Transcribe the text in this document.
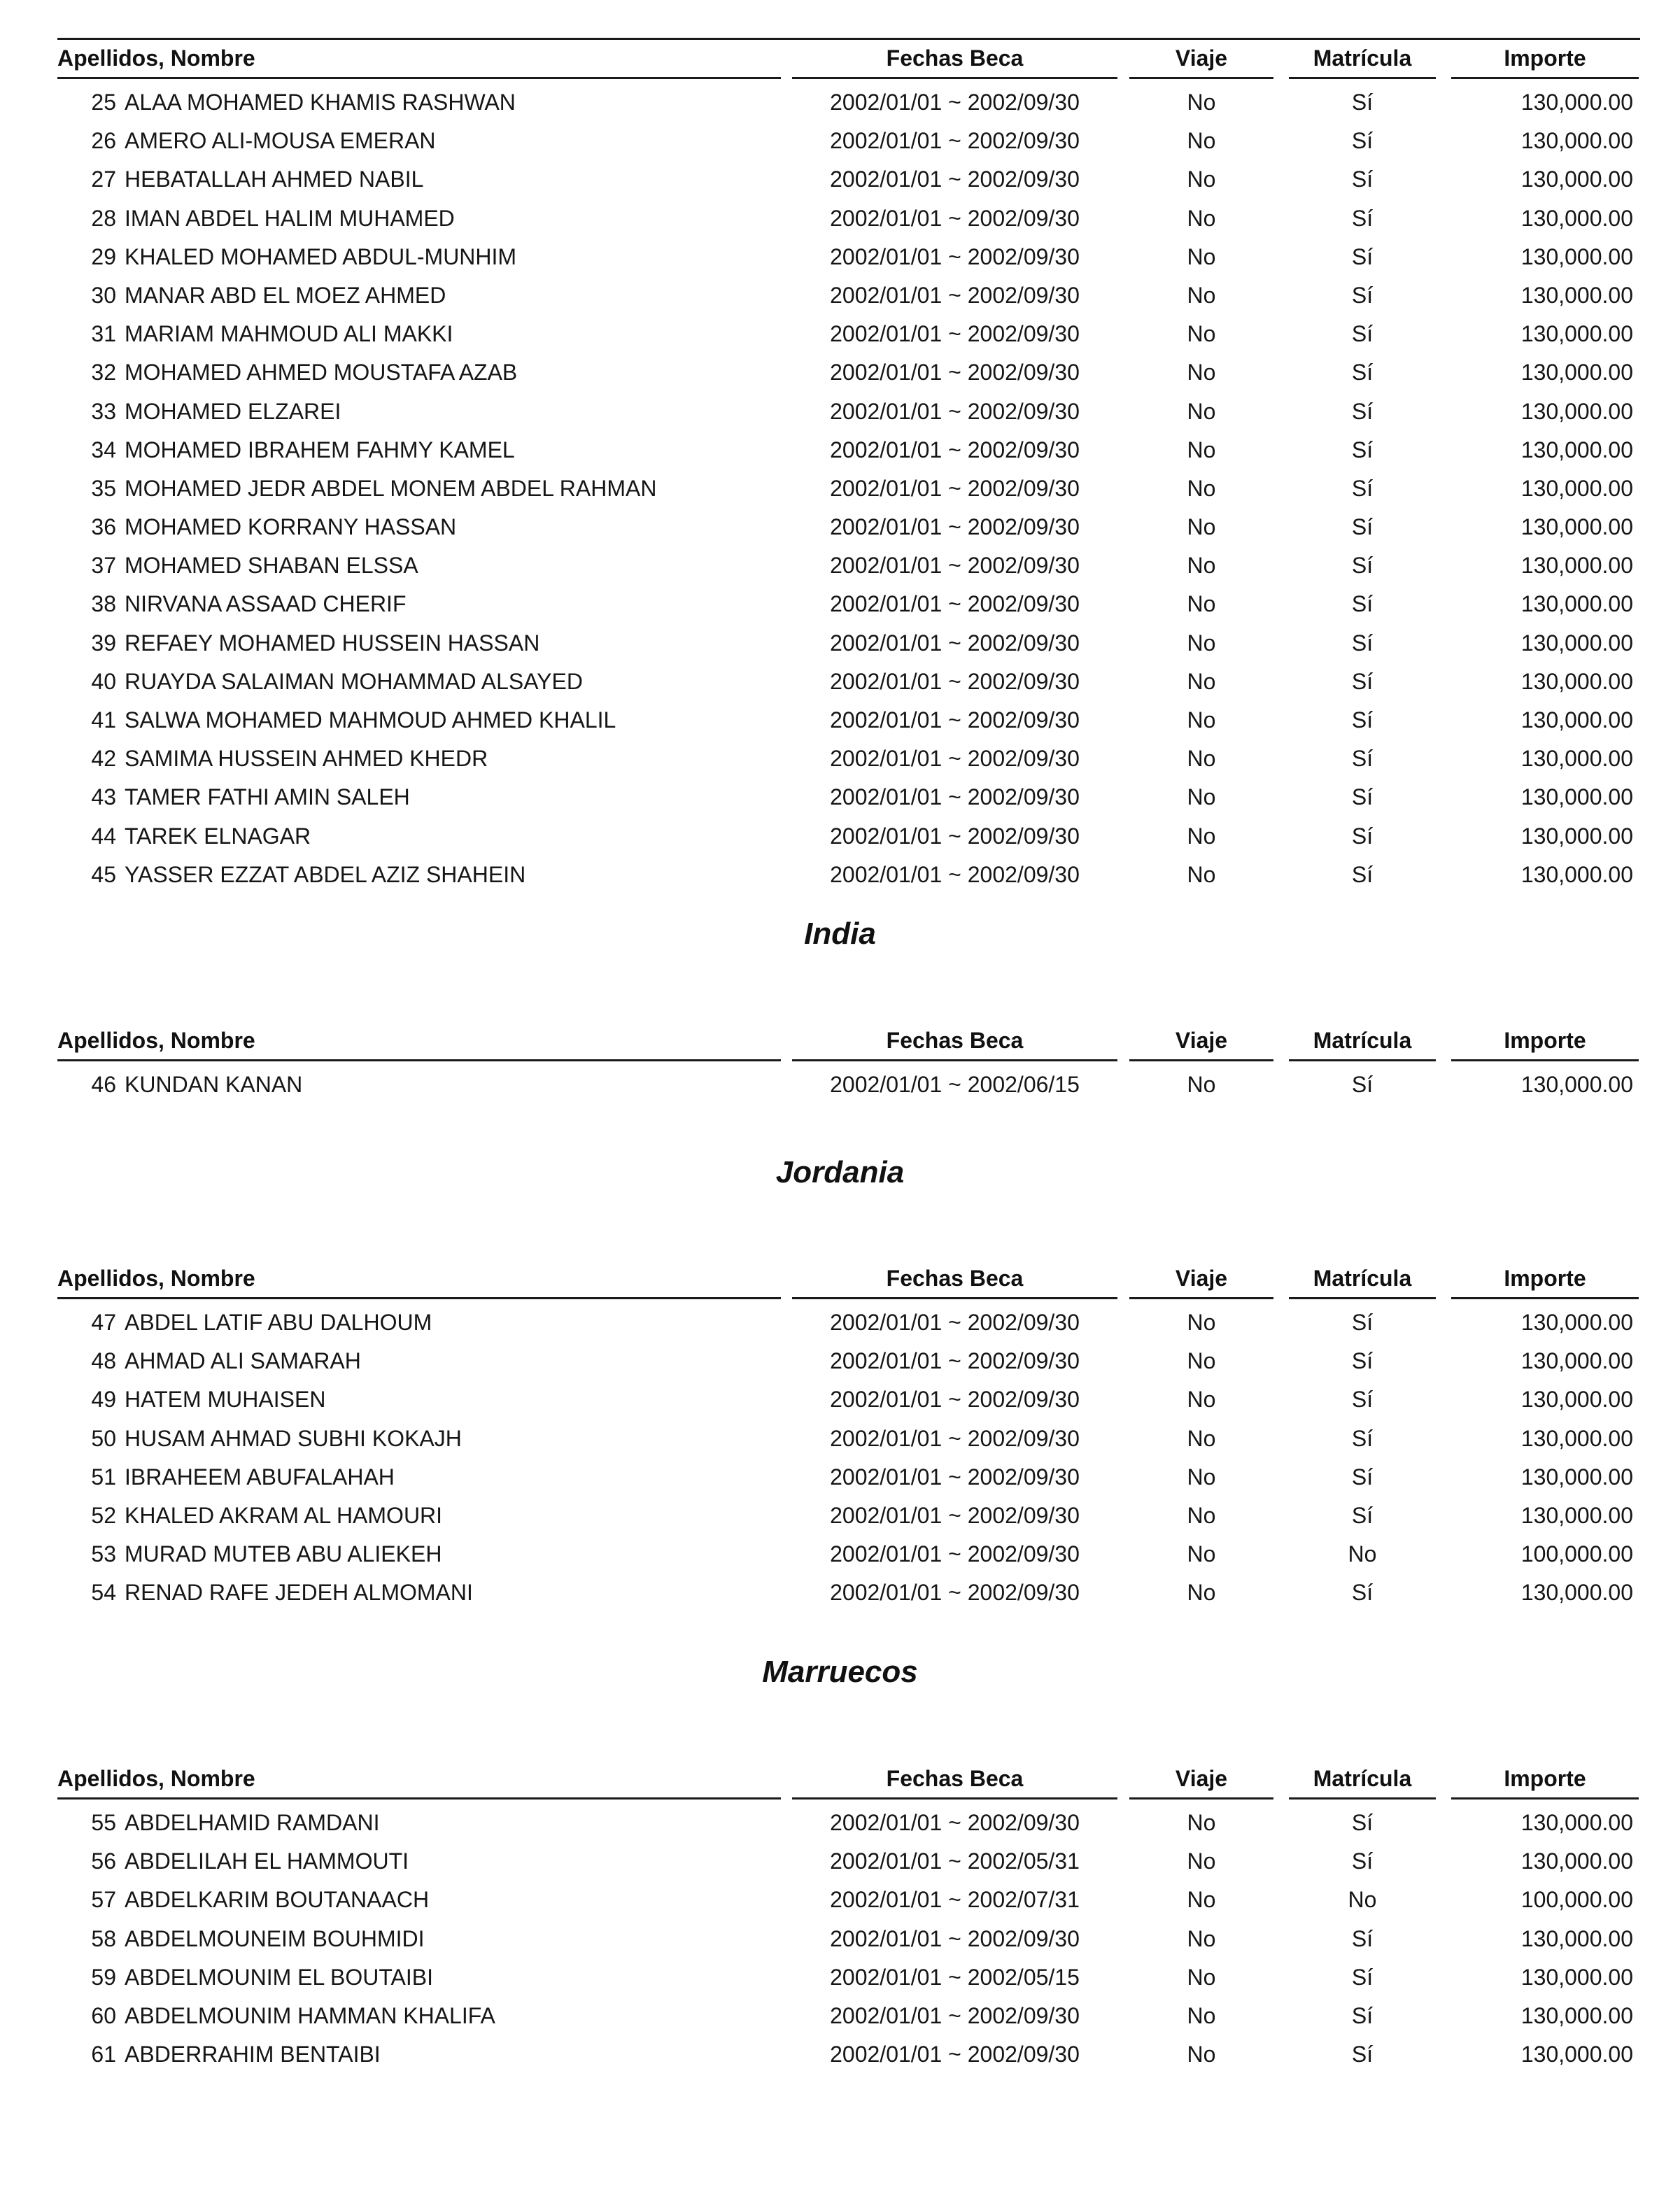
Apellidos, Nombre	Fechas Beca	Viaje	Matrícula	Importe
25 ALAA MOHAMED KHAMIS RASHWAN	2002/01/01 ~ 2002/09/30	No	Sí	130,000.00
26 AMERO ALI-MOUSA EMERAN	2002/01/01 ~ 2002/09/30	No	Sí	130,000.00
27 HEBATALLAH AHMED NABIL	2002/01/01 ~ 2002/09/30	No	Sí	130,000.00
28 IMAN ABDEL HALIM MUHAMED	2002/01/01 ~ 2002/09/30	No	Sí	130,000.00
29 KHALED MOHAMED ABDUL-MUNHIM	2002/01/01 ~ 2002/09/30	No	Sí	130,000.00
30 MANAR ABD EL MOEZ AHMED	2002/01/01 ~ 2002/09/30	No	Sí	130,000.00
31 MARIAM MAHMOUD ALI MAKKI	2002/01/01 ~ 2002/09/30	No	Sí	130,000.00
32 MOHAMED AHMED MOUSTAFA AZAB	2002/01/01 ~ 2002/09/30	No	Sí	130,000.00
33 MOHAMED ELZAREI	2002/01/01 ~ 2002/09/30	No	Sí	130,000.00
34 MOHAMED IBRAHEM FAHMY KAMEL	2002/01/01 ~ 2002/09/30	No	Sí	130,000.00
35 MOHAMED JEDR ABDEL MONEM ABDEL RAHMAN	2002/01/01 ~ 2002/09/30	No	Sí	130,000.00
36 MOHAMED KORRANY HASSAN	2002/01/01 ~ 2002/09/30	No	Sí	130,000.00
37 MOHAMED SHABAN ELSSA	2002/01/01 ~ 2002/09/30	No	Sí	130,000.00
38 NIRVANA ASSAAD CHERIF	2002/01/01 ~ 2002/09/30	No	Sí	130,000.00
39 REFAEY MOHAMED HUSSEIN HASSAN	2002/01/01 ~ 2002/09/30	No	Sí	130,000.00
40 RUAYDA SALAIMAN MOHAMMAD ALSAYED	2002/01/01 ~ 2002/09/30	No	Sí	130,000.00
41 SALWA MOHAMED MAHMOUD AHMED KHALIL	2002/01/01 ~ 2002/09/30	No	Sí	130,000.00
42 SAMIMA HUSSEIN AHMED KHEDR	2002/01/01 ~ 2002/09/30	No	Sí	130,000.00
43 TAMER FATHI AMIN SALEH	2002/01/01 ~ 2002/09/30	No	Sí	130,000.00
44 TAREK ELNAGAR	2002/01/01 ~ 2002/09/30	No	Sí	130,000.00
45 YASSER EZZAT ABDEL AZIZ SHAHEIN	2002/01/01 ~ 2002/09/30	No	Sí	130,000.00
India
Apellidos, Nombre	Fechas Beca	Viaje	Matrícula	Importe
46 KUNDAN KANAN	2002/01/01 ~ 2002/06/15	No	Sí	130,000.00
Jordania
Apellidos, Nombre	Fechas Beca	Viaje	Matrícula	Importe
47 ABDEL LATIF ABU DALHOUM	2002/01/01 ~ 2002/09/30	No	Sí	130,000.00
48 AHMAD ALI SAMARAH	2002/01/01 ~ 2002/09/30	No	Sí	130,000.00
49 HATEM MUHAISEN	2002/01/01 ~ 2002/09/30	No	Sí	130,000.00
50 HUSAM AHMAD SUBHI KOKAJH	2002/01/01 ~ 2002/09/30	No	Sí	130,000.00
51 IBRAHEEM ABUFALAHAH	2002/01/01 ~ 2002/09/30	No	Sí	130,000.00
52 KHALED AKRAM AL HAMOURI	2002/01/01 ~ 2002/09/30	No	Sí	130,000.00
53 MURAD MUTEB ABU ALIEKEH	2002/01/01 ~ 2002/09/30	No	No	100,000.00
54 RENAD RAFE JEDEH ALMOMANI	2002/01/01 ~ 2002/09/30	No	Sí	130,000.00
Marruecos
Apellidos, Nombre	Fechas Beca	Viaje	Matrícula	Importe
55 ABDELHAMID RAMDANI	2002/01/01 ~ 2002/09/30	No	Sí	130,000.00
56 ABDELILAH EL HAMMOUTI	2002/01/01 ~ 2002/05/31	No	Sí	130,000.00
57 ABDELKARIM BOUTANAACH	2002/01/01 ~ 2002/07/31	No	No	100,000.00
58 ABDELMOUNEIM BOUHMIDI	2002/01/01 ~ 2002/09/30	No	Sí	130,000.00
59 ABDELMOUNIM EL BOUTAIBI	2002/01/01 ~ 2002/05/15	No	Sí	130,000.00
60 ABDELMOUNIM HAMMAN KHALIFA	2002/01/01 ~ 2002/09/30	No	Sí	130,000.00
61 ABDERRAHIM BENTAIBI	2002/01/01 ~ 2002/09/30	No	Sí	130,000.00
